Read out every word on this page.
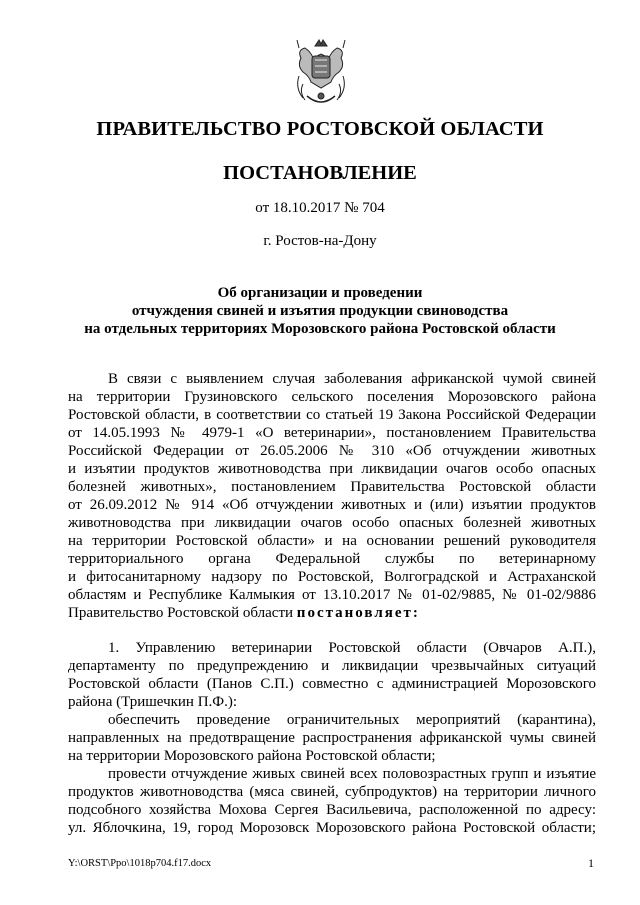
ПРАВИТЕЛЬСТВО РОСТОВСКОЙ ОБЛАСТИ
ПОСТАНОВЛЕНИЕ
от 18.10.2017 № 704
г. Ростов-на-Дону
Об организации и проведении
отчуждения свиней и изъятия продукции свиноводства
на отдельных территориях Морозовского района Ростовской области
В связи с выявлением случая заболевания африканской чумой свиней
на территории Грузиновского сельского поселения Морозовского района
Ростовской области, в соответствии со статьей 19 Закона Российской Федерации
от 14.05.1993 № 4979-1 «О ветеринарии», постановлением Правительства
Российской Федерации от 26.05.2006 № 310 «Об отчуждении животных
и изъятии продуктов животноводства при ликвидации очагов особо опасных
болезней животных», постановлением Правительства Ростовской области
от 26.09.2012 № 914 «Об отчуждении животных и (или) изъятии продуктов
животноводства при ликвидации очагов особо опасных болезней животных
на территории Ростовской области» и на основании решений руководителя
территориального органа Федеральной службы по ветеринарному
и фитосанитарному надзору по Ростовской, Волгоградской и Астраханской
областям и Республике Калмыкия от 13.10.2017 № 01-02/9885, № 01-02/9886
Правительство Ростовской области постановляет:
1. Управлению ветеринарии Ростовской области (Овчаров А.П.),
департаменту по предупреждению и ликвидации чрезвычайных ситуаций
Ростовской области (Панов С.П.) совместно с администрацией Морозовского
района (Тришечкин П.Ф.):
обеспечить проведение ограничительных мероприятий (карантина),
направленных на предотвращение распространения африканской чумы свиней
на территории Морозовского района Ростовской области;
провести отчуждение живых свиней всех половозрастных групп и изъятие
продуктов животноводства (мяса свиней, субпродуктов) на территории личного
подсобного хозяйства Мохова Сергея Васильевича, расположенной по адресу:
ул. Яблочкина, 19, город Морозовск Морозовского района Ростовской области;
Y:\ORST\Ppo\1018p704.f17.docx	1
